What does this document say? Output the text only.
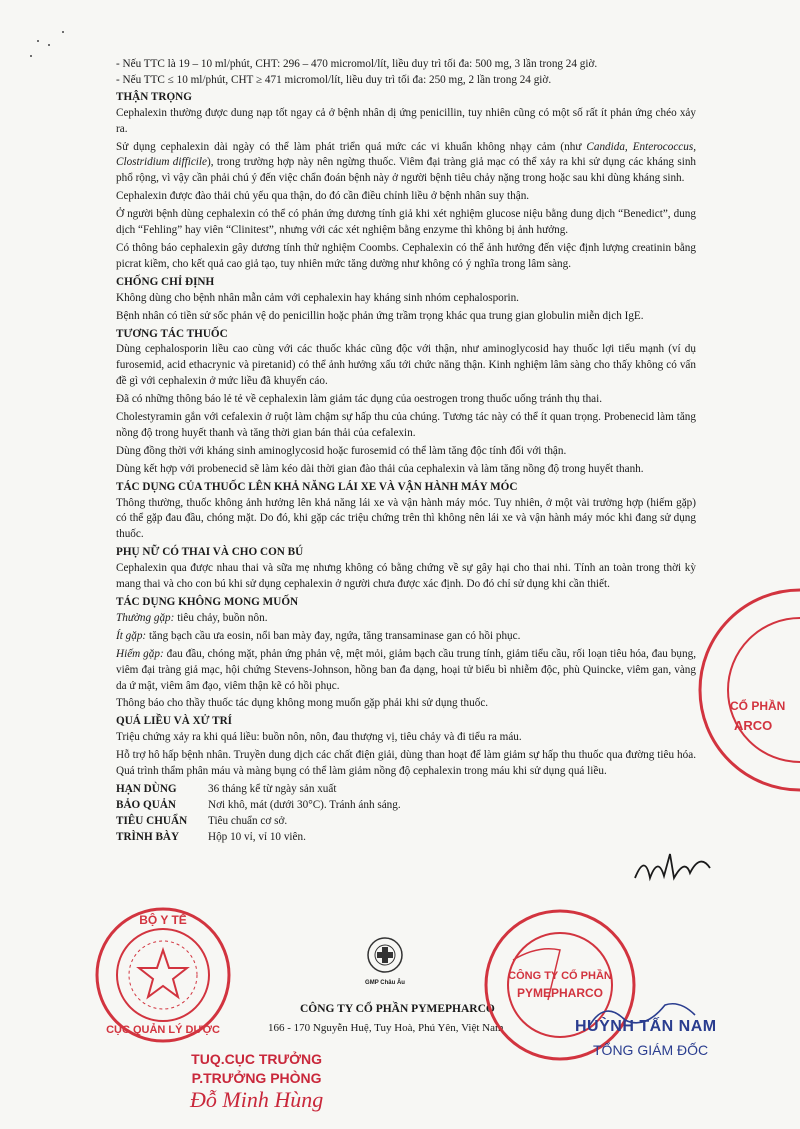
- Nếu TTC là 19 – 10 ml/phút, CHT: 296 – 470 micromol/lít, liều duy trì tối đa: 500 mg, 3 lần trong 24 giờ.
- Nếu TTC ≤ 10 ml/phút, CHT ≥ 471 micromol/lít, liều duy trì tối đa: 250 mg, 2 lần trong 24 giờ.
THẬN TRỌNG
Cephalexin thường được dung nạp tốt ngay cả ở bệnh nhân dị ứng penicillin, tuy nhiên cũng có một số rất ít phản ứng chéo xảy ra.
Sử dụng cephalexin dài ngày có thể làm phát triển quá mức các vi khuẩn không nhạy cảm (như Candida, Enterococcus, Clostridium difficile), trong trường hợp này nên ngừng thuốc. Viêm đại tràng giả mạc có thể xảy ra khi sử dụng các kháng sinh phổ rộng, vì vậy cần phải chú ý đến việc chẩn đoán bệnh này ở người bệnh tiêu chảy nặng trong hoặc sau khi dùng kháng sinh.
Cephalexin được đào thải chủ yếu qua thận, do đó cần điều chỉnh liều ở bệnh nhân suy thận.
Ở người bệnh dùng cephalexin có thể có phản ứng dương tính giả khi xét nghiệm glucose niệu bằng dung dịch “Benedict”, dung dịch “Fehling” hay viên “Clinitest”, nhưng với các xét nghiệm bằng enzyme thì không bị ảnh hưởng.
Có thông báo cephalexin gây dương tính thử nghiệm Coombs. Cephalexin có thể ảnh hưởng đến việc định lượng creatinin bằng picrat kiềm, cho kết quả cao giả tạo, tuy nhiên mức tăng dường như không có ý nghĩa trong lâm sàng.
CHỐNG CHỈ ĐỊNH
Không dùng cho bệnh nhân mẫn cảm với cephalexin hay kháng sinh nhóm cephalosporin.
Bệnh nhân có tiền sử sốc phản vệ do penicillin hoặc phản ứng trầm trọng khác qua trung gian globulin miễn dịch IgE.
TƯƠNG TÁC THUỐC
Dùng cephalosporin liều cao cùng với các thuốc khác cũng độc với thận, như aminoglycosid hay thuốc lợi tiểu mạnh (ví dụ furosemid, acid ethacrynic và piretanid) có thể ảnh hưởng xấu tới chức năng thận. Kinh nghiệm lâm sàng cho thấy không có vấn đề gì với cephalexin ở mức liều đã khuyến cáo.
Đã có những thông báo lẻ tẻ về cephalexin làm giảm tác dụng của oestrogen trong thuốc uống tránh thụ thai.
Cholestyramin gắn với cefalexin ở ruột làm chậm sự hấp thu của chúng. Tương tác này có thể ít quan trọng. Probenecid làm tăng nồng độ trong huyết thanh và tăng thời gian bán thải của cefalexin.
Dùng đồng thời với kháng sinh aminoglycosid hoặc furosemid có thể làm tăng độc tính đối với thận.
Dùng kết hợp với probenecid sẽ làm kéo dài thời gian đào thải của cephalexin và làm tăng nồng độ trong huyết thanh.
TÁC DỤNG CỦA THUỐC LÊN KHẢ NĂNG LÁI XE VÀ VẬN HÀNH MÁY MÓC
Thông thường, thuốc không ảnh hưởng lên khả năng lái xe và vận hành máy móc. Tuy nhiên, ở một vài trường hợp (hiếm gặp) có thể gặp đau đầu, chóng mặt. Do đó, khi gặp các triệu chứng trên thì không nên lái xe và vận hành máy móc khi đang sử dụng thuốc.
PHỤ NỮ CÓ THAI VÀ CHO CON BÚ
Cephalexin qua được nhau thai và sữa mẹ nhưng không có bằng chứng về sự gây hại cho thai nhi. Tính an toàn trong thời kỳ mang thai và cho con bú khi sử dụng cephalexin ở người chưa được xác định. Do đó chỉ sử dụng khi cần thiết.
TÁC DỤNG KHÔNG MONG MUỐN
Thường gặp: tiêu chảy, buồn nôn.
Ít gặp: tăng bạch cầu ưa eosin, nổi ban mày đay, ngứa, tăng transaminase gan có hồi phục.
Hiếm gặp: đau đầu, chóng mặt, phản ứng phản vệ, mệt mỏi, giảm bạch cầu trung tính, giảm tiểu cầu, rối loạn tiêu hóa, đau bụng, viêm đại tràng giả mạc, hội chứng Stevens-Johnson, hồng ban đa dạng, hoại tử biểu bì nhiễm độc, phù Quincke, viêm gan, vàng da ứ mật, viêm âm đạo, viêm thận kẽ có hồi phục.
Thông báo cho thầy thuốc tác dụng không mong muốn gặp phải khi sử dụng thuốc.
QUÁ LIỀU VÀ XỬ TRÍ
Triệu chứng xảy ra khi quá liều: buồn nôn, nôn, đau thượng vị, tiêu chảy và đi tiểu ra máu.
Hỗ trợ hô hấp bệnh nhân. Truyền dung dịch các chất điện giải, dùng than hoạt để làm giảm sự hấp thu thuốc qua đường tiêu hóa. Quá trình thẩm phân máu và màng bụng có thể làm giảm nồng độ cephalexin trong máu khi sử dụng quá liều.
HẠN DÙNG	36 tháng kể từ ngày sản xuất
BẢO QUẢN	Nơi khô, mát (dưới 30°C). Tránh ánh sáng.
TIÊU CHUẨN	Tiêu chuẩn cơ sở.
TRÌNH BÀY	Hộp 10 vỉ, vỉ 10 viên.
GMP Châu Âu
CÔNG TY CỔ PHẦN PYMEPHARCO
166 - 170 Nguyễn Huệ, Tuy Hoà, Phú Yên, Việt Nam
BỘ Y TẾ
CỤC QUẢN LÝ DƯỢC
CÔNG TY CỔ PHẦN
PYMEPHARCO
CỔ PHẦN
ARCO
HUỲNH TẤN NAM
TỔNG GIÁM ĐỐC
TUQ.CỤC TRƯỞNG
P.TRƯỞNG PHÒNG
Đỗ Minh Hùng
